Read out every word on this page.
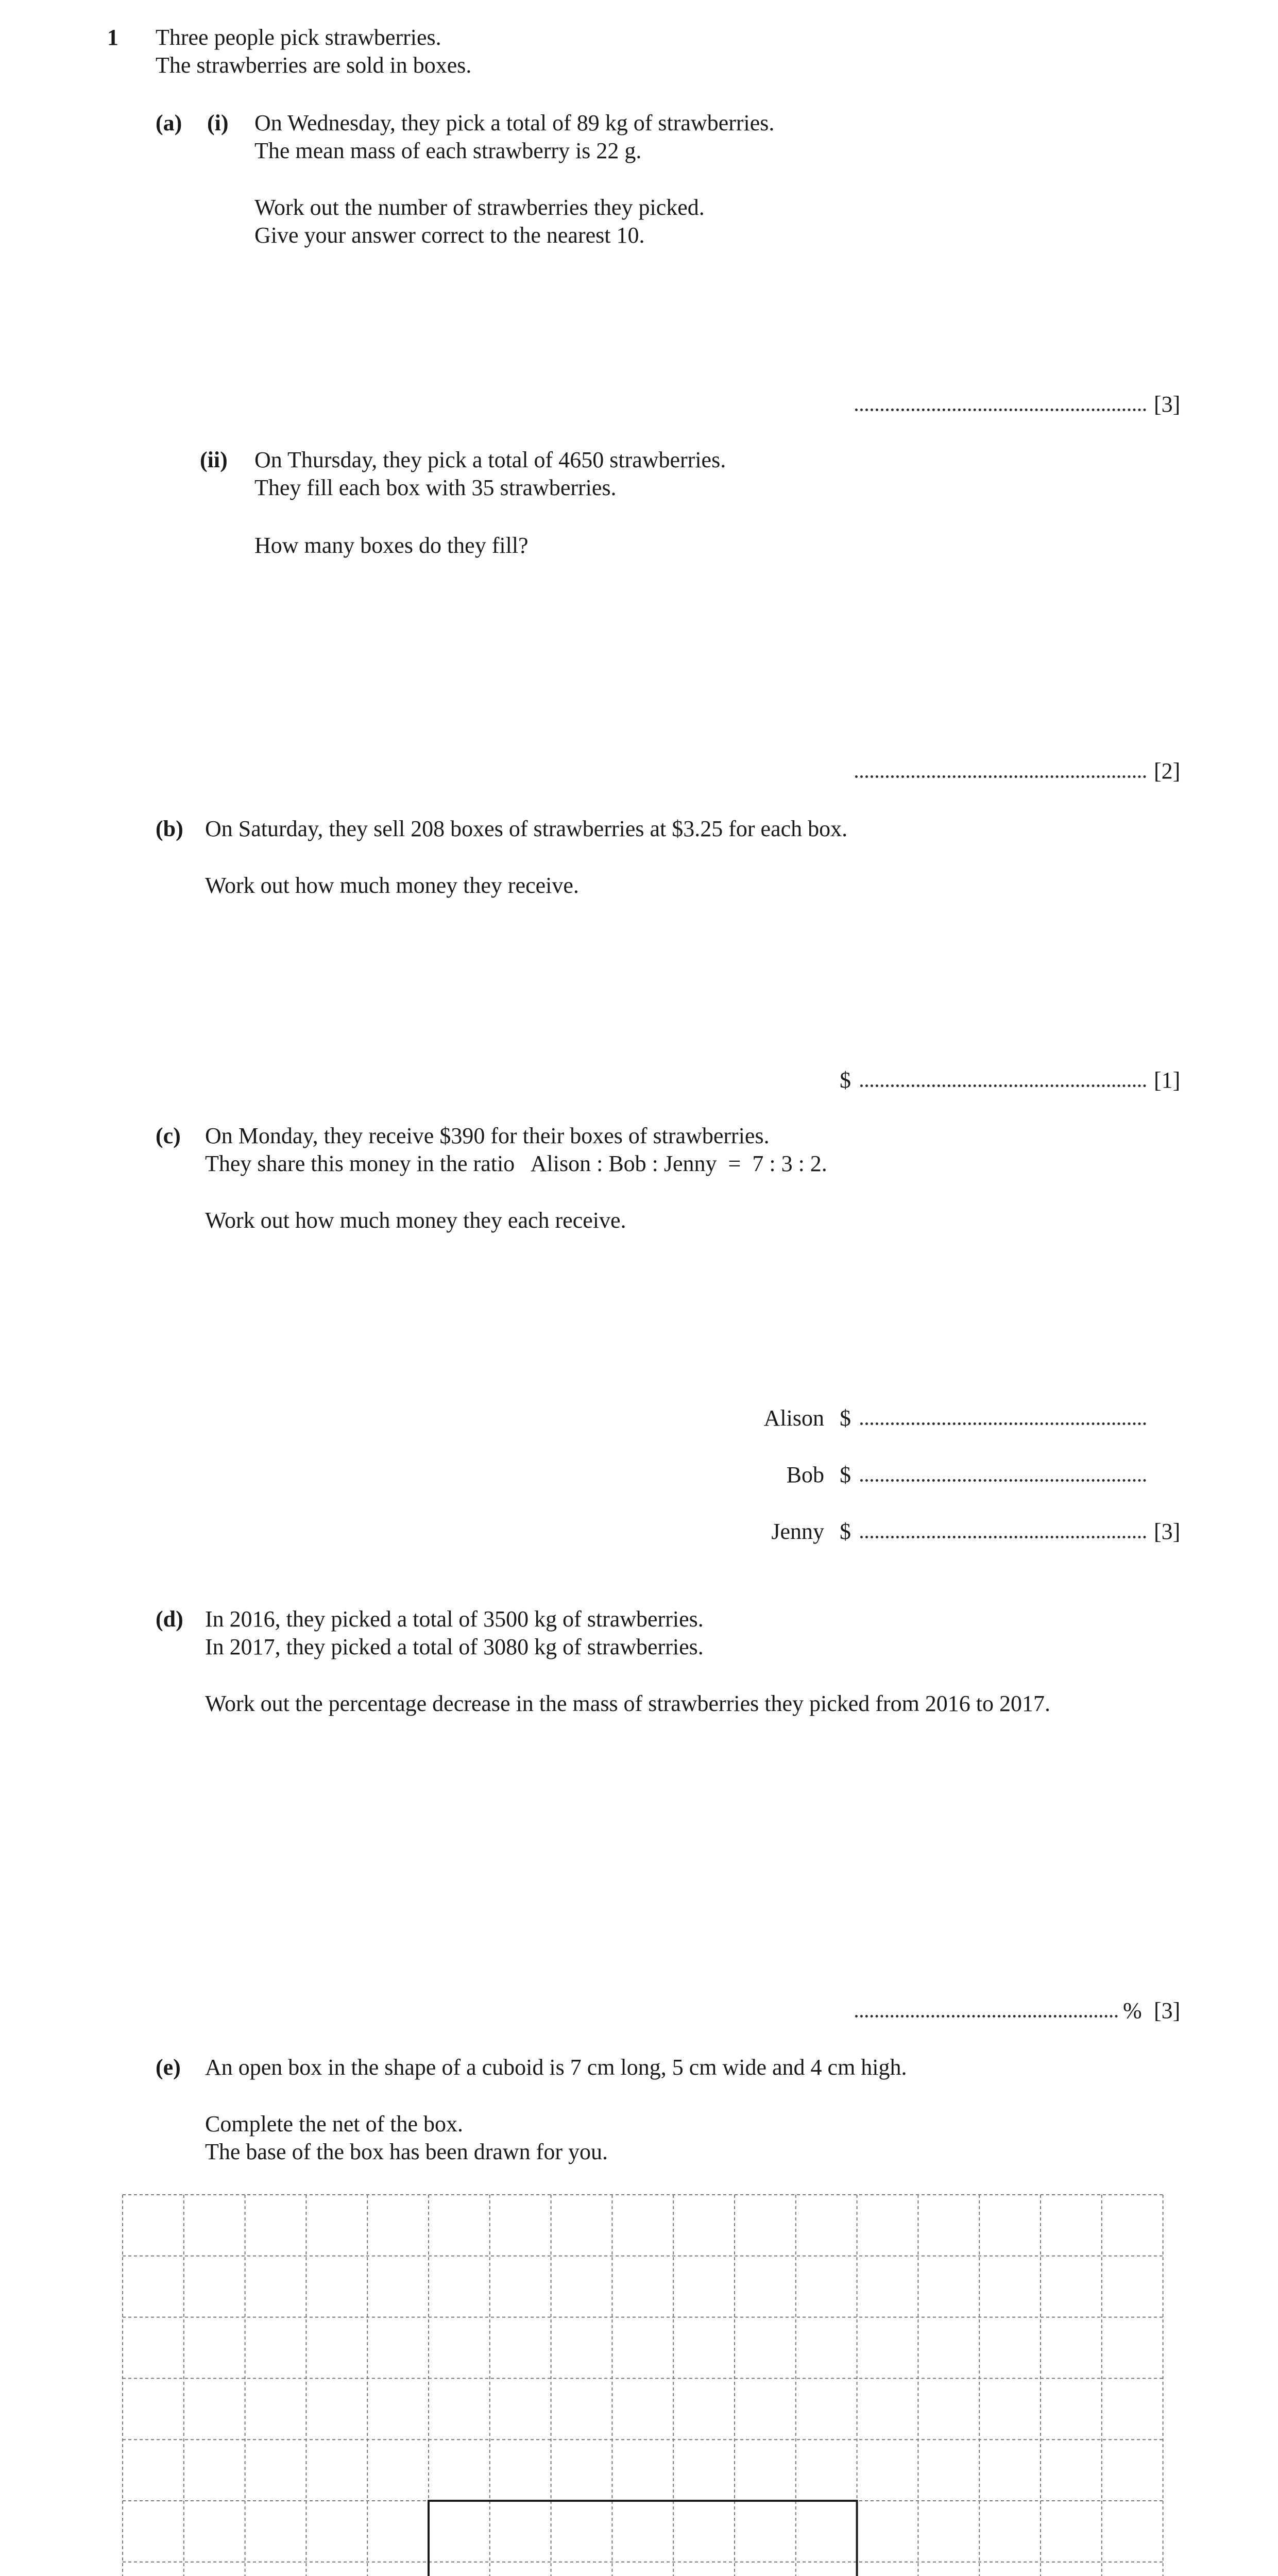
1 Three people pick strawberries.
The strawberries are sold in boxes.
(a) (i) On Wednesday, they pick a total of 89 kg of strawberries.
The mean mass of each strawberry is 22 g.
Work out the number of strawberries they picked.
Give your answer correct to the nearest 10.
[3]
(ii) On Thursday, they pick a total of 4650 strawberries.
They fill each box with 35 strawberries.
How many boxes do they fill?
[2]
(b) On Saturday, they sell 208 boxes of strawberries at $3.25 for each box.
Work out how much money they receive.
$	[1]
(c) On Monday, they receive $390 for their boxes of strawberries.
They share this money in the ratio   Alison : Bob : Jenny  =  7 : 3 : 2.
Work out how much money they each receive.
Alison $
Bob $
Jenny $	[3]
(d) In 2016, they picked a total of 3500 kg of strawberries.
In 2017, they picked a total of 3080 kg of strawberries.
Work out the percentage decrease in the mass of strawberries they picked from 2016 to 2017.
% [3]
(e) An open box in the shape of a cuboid is 7 cm long, 5 cm wide and 4 cm high.
Complete the net of the box.
The base of the box has been drawn for you.
